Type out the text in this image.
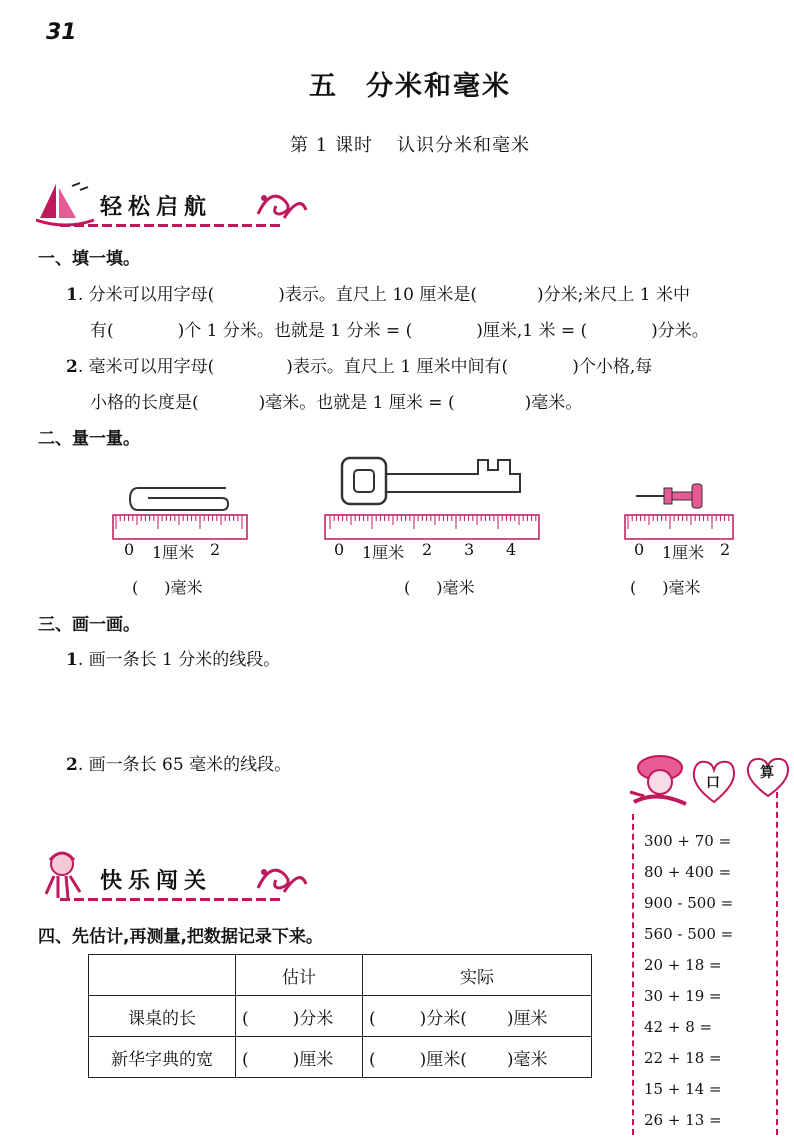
31
五 分米和毫米
第 1 课时 认识分米和毫米
轻松启航
一、填一填。
1. 分米可以用字母(	)表示。直尺上 10 厘米是(	)分米;米尺上 1 米中
有(	)个 1 分米。也就是 1 分米 = (	)厘米,1 米 = (	)分米。
2. 毫米可以用字母(	)表示。直尺上 1 厘米中间有(	)个小格,每
小格的长度是(	)毫米。也就是 1 厘米 = (	)毫米。
二、量一量。
0 1厘米 2
( )毫米
0 1厘米 2 3 4
( )毫米
0 1厘米 2
( )毫米
三、画一画。
1. 画一条长 1 分米的线段。
2. 画一条长 65 毫米的线段。
快乐闯关
四、先估计,再测量,把数据记录下来。
	估计	实际
课桌的长	( )分米	( )分米( )厘米
新华字典的宽	( )厘米	( )厘米( )毫米
口
算
300 + 70 =
80 + 400 =
900 - 500 =
560 - 500 =
20 + 18 =
30 + 19 =
42 + 8 =
22 + 18 =
15 + 14 =
26 + 13 =
